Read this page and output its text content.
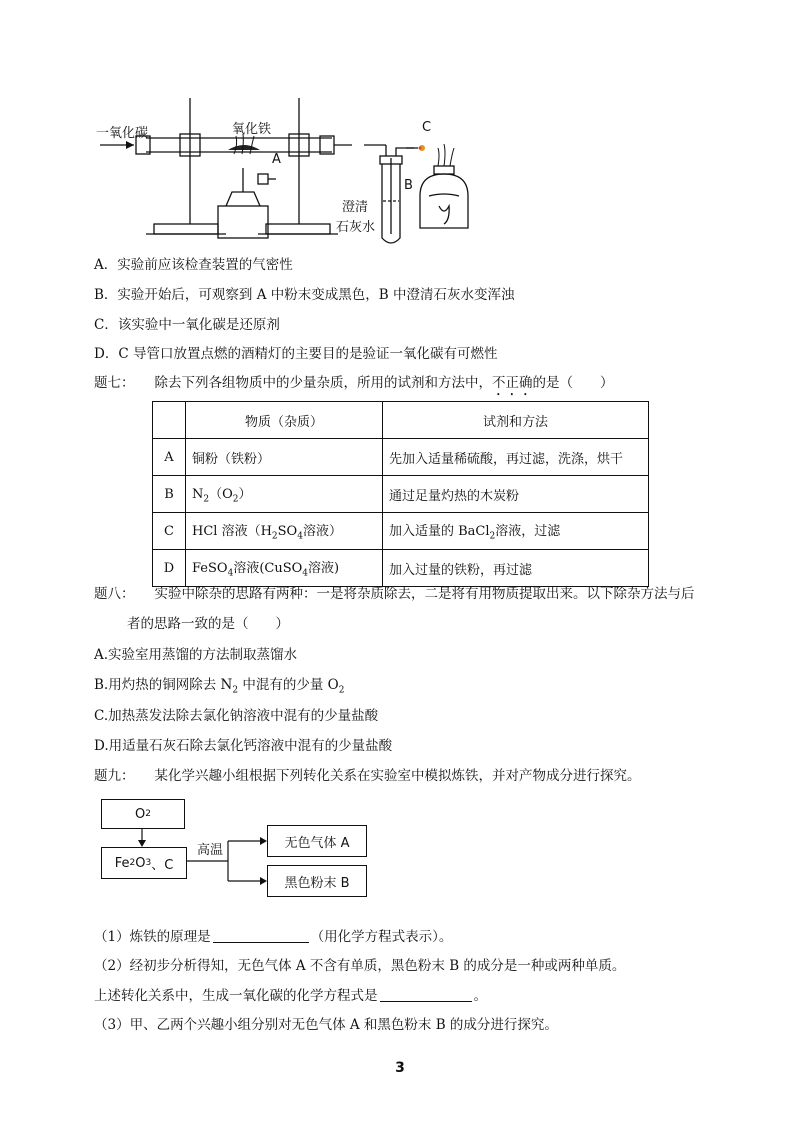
一氧化碳	氧化铁
A
B
C
澄清
石灰水
A．实验前应该检查装置的气密性
B．实验开始后，可观察到 A 中粉末变成黑色，B 中澄清石灰水变浑浊
C．该实验中一氧化碳是还原剂
D．C 导管口放置点燃的酒精灯的主要目的是验证一氧化碳有可燃性
题七： 除去下列各组物质中的少量杂质，所用的试剂和方法中，不正确的是（　　）
	物质（杂质）	试剂和方法
A	铜粉（铁粉）	先加入适量稀硫酸，再过滤，洗涤，烘干
B	$N_2(O_2)$	通过足量灼热的木炭粉
C	HCl 溶液（$H_2SO_4$溶液）	加入适量的 BaCl$_2$溶液，过滤
D	FeSO$_4$溶液(CuSO$_4$溶液)	加入过量的铁粉，再过滤
题八： 实验中除杂的思路有两种：一是将杂质除去，二是将有用物质提取出来。以下除杂方法与后
者的思路一致的是（　　）
A.实验室用蒸馏的方法制取蒸馏水
B.用灼热的铜网除去 $N_2$ 中混有的少量 $O_2$
C.加热蒸发法除去氯化钠溶液中混有的少量盐酸
D.用适量石灰石除去氯化钙溶液中混有的少量盐酸
题九： 某化学兴趣小组根据下列转化关系在实验室中模拟炼铁，并对产物成分进行探究。
O 2
Fe 2 O 3 、C
高温	无色气体 A
黑色粉末 B
（1）炼铁的原理是	（用化学方程式表示）。
（2）经初步分析得知，无色气体 A 不含有单质，黑色粉末 B 的成分是一种或两种单质。
上述转化关系中，生成一氧化碳的化学方程式是	。
（3）甲、乙两个兴趣小组分别对无色气体 A 和黑色粉末 B 的成分进行探究。
3
